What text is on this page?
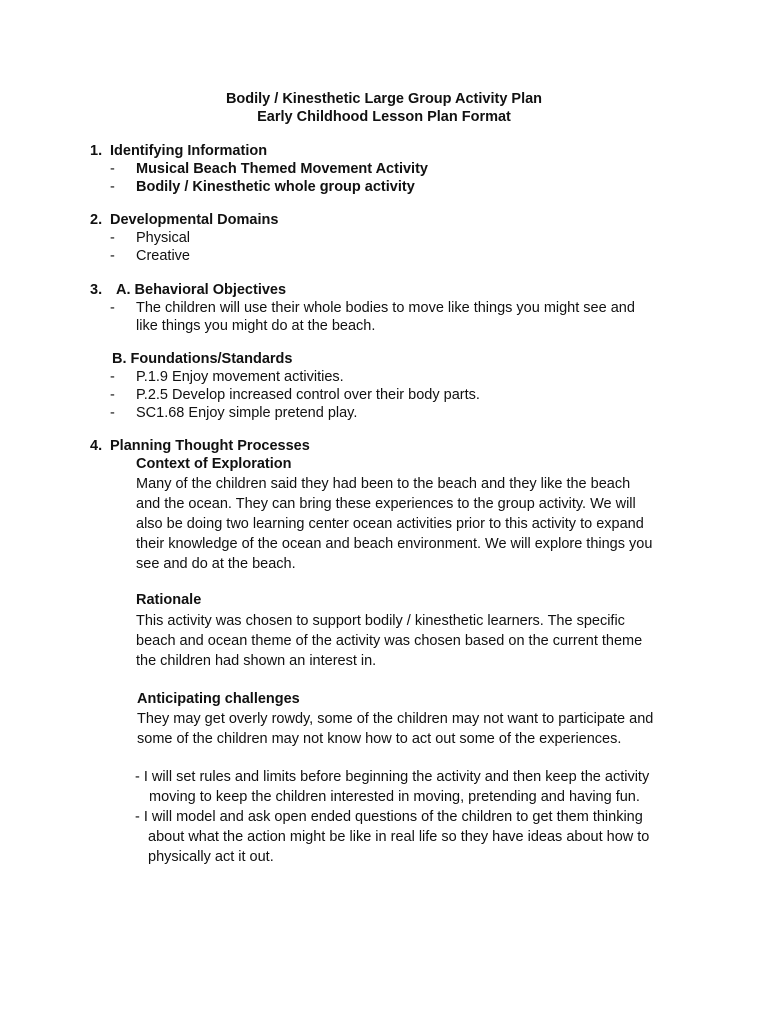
Bodily / Kinesthetic Large Group Activity Plan
Early Childhood Lesson Plan Format
1. Identifying Information
- Musical Beach Themed Movement Activity
- Bodily / Kinesthetic whole group activity
2. Developmental Domains
- Physical
- Creative
3. A. Behavioral Objectives
- The children will use their whole bodies to move like things you might see and
like things you might do at the beach.
B. Foundations/Standards
- P.1.9 Enjoy movement activities.
- P.2.5 Develop increased control over their body parts.
- SC1.68 Enjoy simple pretend play.
4. Planning Thought Processes
Context of Exploration
Many of the children said they had been to the beach and they like the beach
and the ocean. They can bring these experiences to the group activity. We will
also be doing two learning center ocean activities prior to this activity to expand
their knowledge of the ocean and beach environment. We will explore things you
see and do at the beach.
Rationale
This activity was chosen to support bodily / kinesthetic learners. The specific
beach and ocean theme of the activity was chosen based on the current theme
the children had shown an interest in.
Anticipating challenges
They may get overly rowdy, some of the children may not want to participate and
some of the children may not know how to act out some of the experiences.
- I will set rules and limits before beginning the activity and then keep the activity
moving to keep the children interested in moving, pretending and having fun.
- I will model and ask open ended questions of the children to get them thinking
about what the action might be like in real life so they have ideas about how to
physically act it out.
